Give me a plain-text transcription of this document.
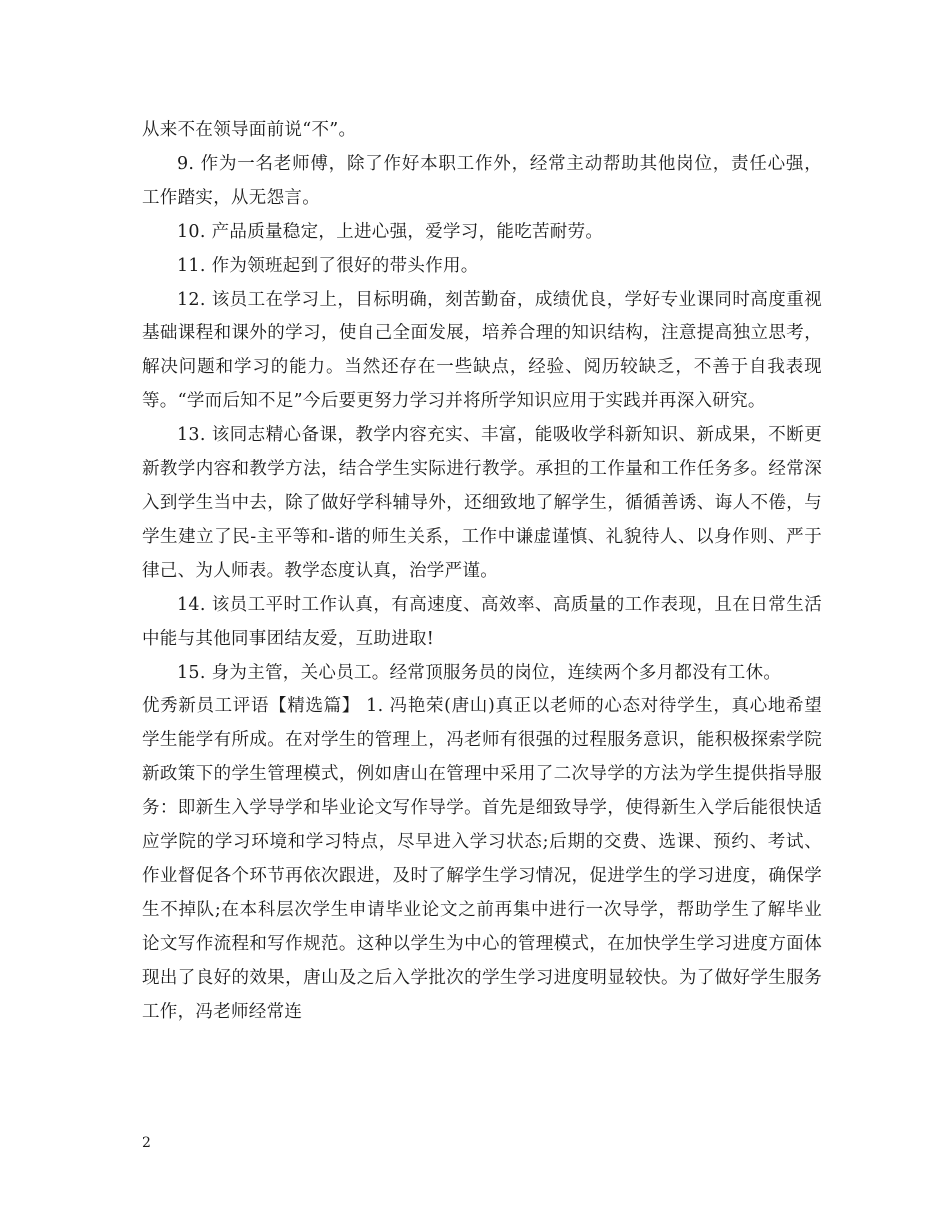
从来不在领导面前说“不”。

9. 作为一名老师傅，除了作好本职工作外，经常主动帮助其他岗位，责任心强，工作踏实，从无怨言。

10. 产品质量稳定，上进心强，爱学习，能吃苦耐劳。

11. 作为领班起到了很好的带头作用。

12. 该员工在学习上，目标明确，刻苦勤奋，成绩优良，学好专业课同时高度重视基础课程和课外的学习，使自己全面发展，培养合理的知识结构，注意提高独立思考，解决问题和学习的能力。当然还存在一些缺点，经验、阅历较缺乏，不善于自我表现等。“学而后知不足”今后要更努力学习并将所学知识应用于实践并再深入研究。

13. 该同志精心备课，教学内容充实、丰富，能吸收学科新知识、新成果，不断更新教学内容和教学方法，结合学生实际进行教学。承担的工作量和工作任务多。经常深入到学生当中去，除了做好学科辅导外，还细致地了解学生，循循善诱、诲人不倦，与学生建立了民-主平等和-谐的师生关系，工作中谦虚谨慎、礼貌待人、以身作则、严于律己、为人师表。教学态度认真，治学严谨。

14. 该员工平时工作认真，有高速度、高效率、高质量的工作表现，且在日常生活中能与其他同事团结友爱，互助进取!

15. 身为主管，关心员工。经常顶服务员的岗位，连续两个多月都没有工休。

优秀新员工评语【精选篇】 1. 冯艳荣(唐山)真正以老师的心态对待学生，真心地希望学生能学有所成。在对学生的管理上，冯老师有很强的过程服务意识，能积极探索学院新政策下的学生管理模式，例如唐山在管理中采用了二次导学的方法为学生提供指导服务：即新生入学导学和毕业论文写作导学。首先是细致导学，使得新生入学后能很快适应学院的学习环境和学习特点，尽早进入学习状态;后期的交费、选课、预约、考试、作业督促各个环节再依次跟进，及时了解学生学习情况，促进学生的学习进度，确保学生不掉队;在本科层次学生申请毕业论文之前再集中进行一次导学，帮助学生了解毕业论文写作流程和写作规范。这种以学生为中心的管理模式，在加快学生学习进度方面体现出了良好的效果，唐山及之后入学批次的学生学习进度明显较快。为了做好学生服务工作，冯老师经常连

2
